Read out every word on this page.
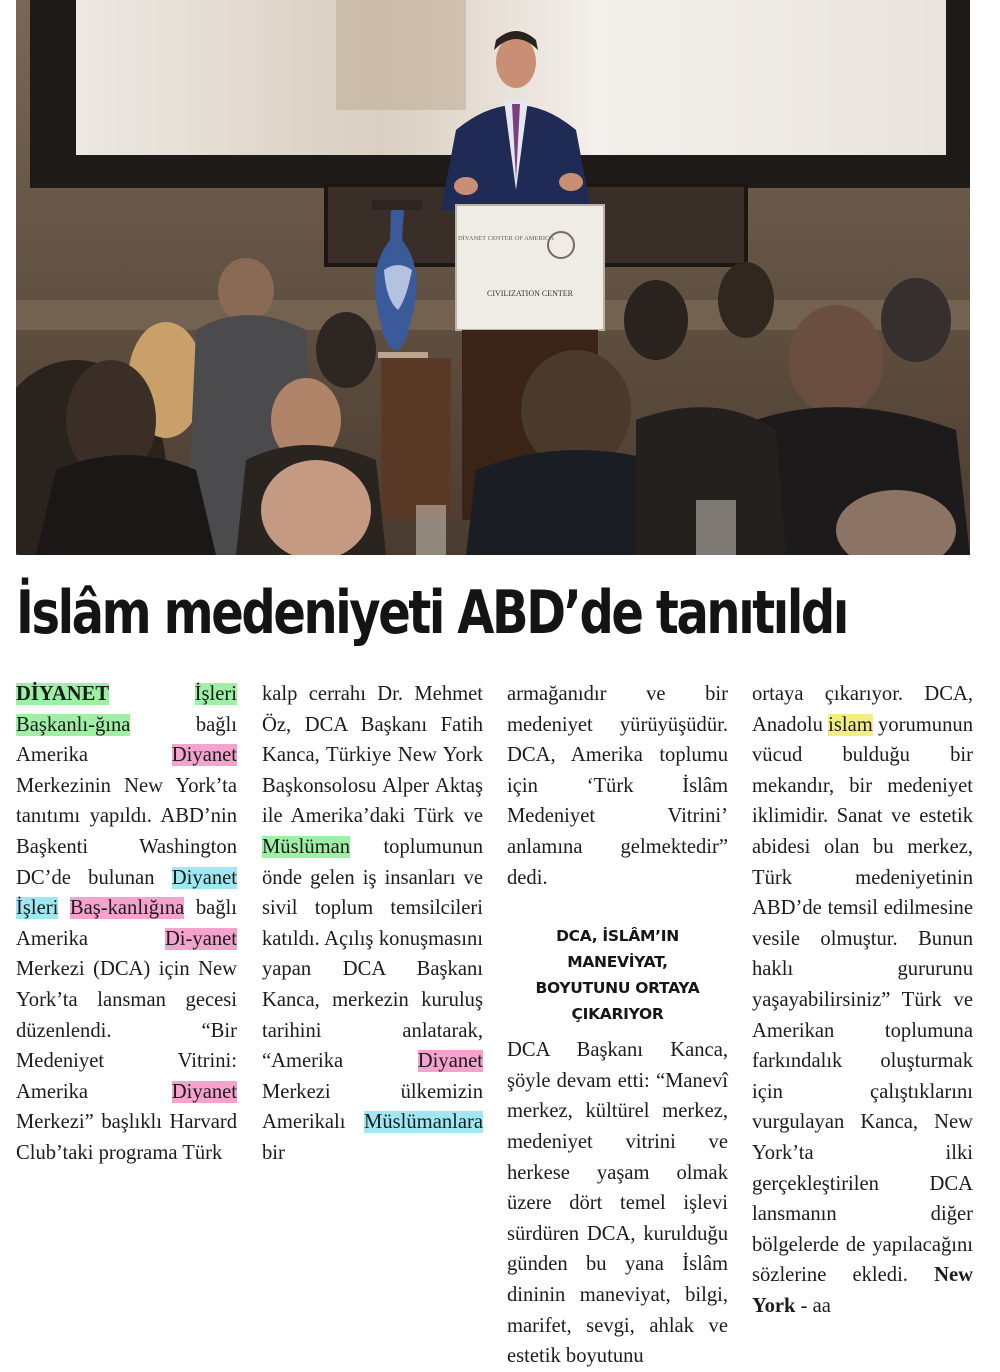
DİYANET CENTER OF AMERICA
CIVILIZATION CENTER
İslâm medeniyeti ABD’de tanıtıldı

DİYANET	İşleri Başkanlı-ğına bağlı Amerika Diyanet Merkezinin New York’ta tanıtımı yapıldı. ABD’nin Başkenti Washington DC’de bulunan Diyanet İşleri Baş-kanlığına bağlı Amerika Di-yanet Merkezi (DCA) için New York’ta lansman gecesi düzenlendi. “Bir Medeniyet Vitrini: Amerika Diyanet Merkezi” başlıklı Harvard Club’taki programa Türk

kalp cerrahı Dr. Mehmet Öz, DCA Başkanı Fatih Kanca, Türkiye New York Başkonsolosu Alper Aktaş ile Amerika’daki Türk ve Müslüman toplumunun önde gelen iş insanları ve sivil toplum temsilcileri katıldı. Açılış konuşmasını yapan DCA Başkanı Kanca, merkezin kuruluş tarihini anlatarak, “Amerika Diyanet Merkezi ülkemizin Amerikalı Müslümanlara bir

armağanıdır ve bir medeniyet yürüyüşüdür. DCA, Amerika toplumu için ‘Türk İslâm Medeniyet Vitrini’ anlamına gelmektedir” dedi.

DCA, İSLÂM’IN MANEVİYAT,
BOYUTUNU ORTAYA ÇIKARIYOR

DCA Başkanı Kanca, şöyle devam etti: “Manevî merkez, kültürel merkez, medeniyet vitrini ve herkese yaşam olmak üzere dört temel işlevi sürdüren DCA, kurulduğu günden bu yana İslâm dininin maneviyat, bilgi, marifet, sevgi, ahlak ve estetik boyutunu

ortaya çıkarıyor. DCA, Anadolu islam yorumunun vücud bulduğu bir mekandır, bir medeniyet iklimidir. Sanat ve estetik abidesi olan bu merkez, Türk medeniyetinin ABD’de temsil edilmesine vesile olmuştur. Bunun haklı gururunu yaşayabilirsiniz” Türk ve Amerikan toplumuna farkındalık oluşturmak için çalıştıklarını vurgulayan Kanca, New York’ta ilki gerçekleştirilen DCA lansmanın diğer bölgelerde de yapılacağını sözlerine ekledi. New York - aa
